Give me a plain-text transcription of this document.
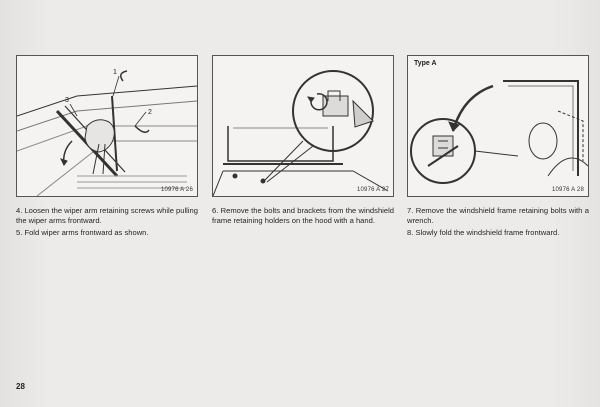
1
2
3
10976 A 26	10976 A 27
Type A
10976 A 28

4. Loosen the wiper arm retaining screws while pulling the wiper arms frontward.

5. Fold wiper arms frontward as shown.

6. Remove the bolts and brackets from the windshield frame retaining holders on the hood with a hand.

7. Remove the windshield frame retaining bolts with a wrench.

8. Slowly fold the windshield frame frontward.

28
